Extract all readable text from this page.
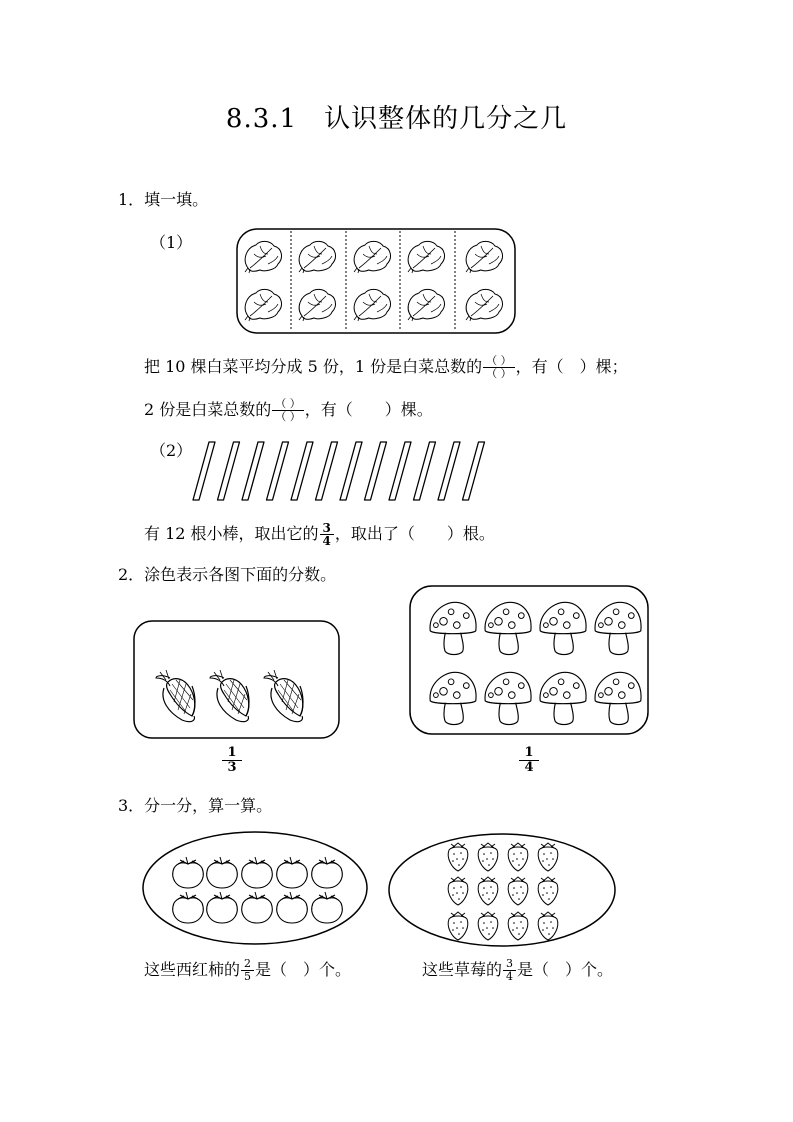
8.3.1　认识整体的几分之几
1．填一填。
（1）
把 10 棵白菜平均分成 5 份，1 份是白菜总数的 $\frac{( )}{( )}$ ，有（　）棵；
2 份是白菜总数的 $\frac{( )}{( )}$ ，有（　　）棵。
（2）
有 12 根小棒，取出它的 $\frac{3}{4}$ ，取出了（　　）根。
2．涂色表示各图下面的分数。
$\frac{1}{3}$	$\frac{1}{4}$
3．分一分，算一算。
这些西红柿的 $\frac{2}{5}$ 是（　）个。	这些草莓的 $\frac{3}{4}$ 是（　）个。
